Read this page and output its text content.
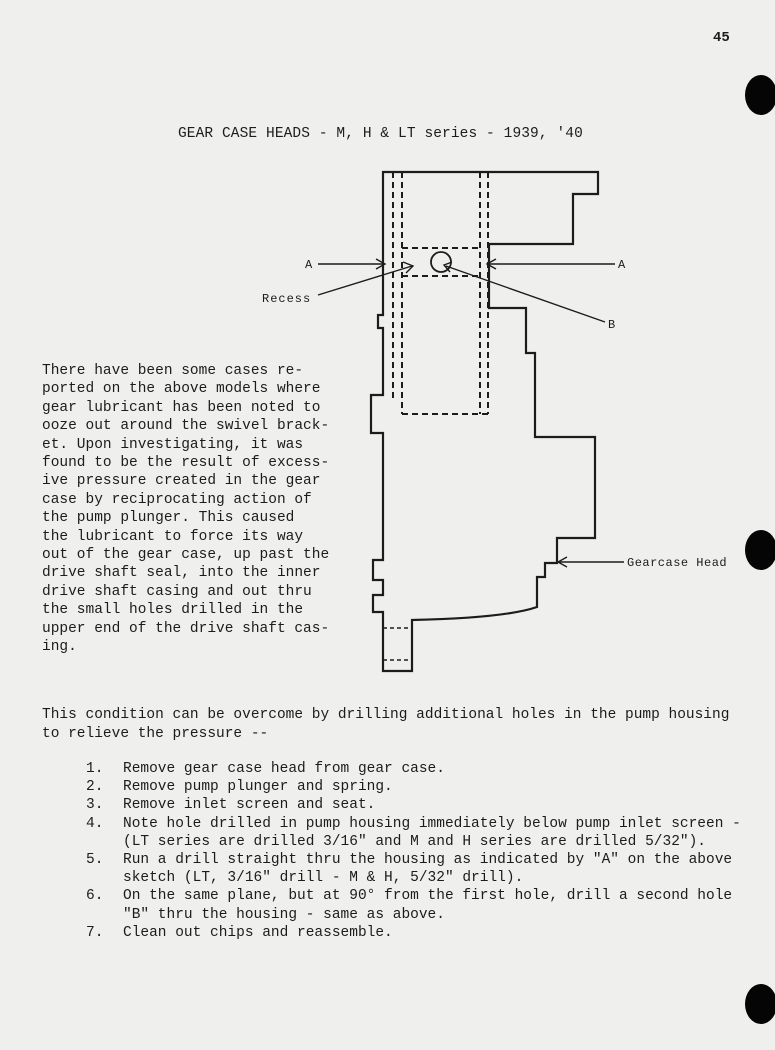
45
GEAR CASE HEADS - M, H & LT series - 1939, '40
A	A
Recess
B
Gearcase Head
There have been some cases re-
ported on the above models where
gear lubricant has been noted to
ooze out around the swivel brack-
et. Upon investigating, it was
found to be the result of excess-
ive pressure created in the gear
case by reciprocating action of
the pump plunger. This caused
the lubricant to force its way
out of the gear case, up past the
drive shaft seal, into the inner
drive shaft casing and out thru
the small holes drilled in the
upper end of the drive shaft cas-
ing.
This condition can be overcome by drilling additional holes in the pump housing
to relieve the pressure --
1. Remove gear case head from gear case.
2. Remove pump plunger and spring.
3. Remove inlet screen and seat.
4. Note hole drilled in pump housing immediately below pump inlet screen -
(LT series are drilled 3/16" and M and H series are drilled 5/32").
5. Run a drill straight thru the housing as indicated by "A" on the above
sketch (LT, 3/16" drill - M & H, 5/32" drill).
6. On the same plane, but at 90° from the first hole, drill a second hole
"B" thru the housing - same as above.
7. Clean out chips and reassemble.
